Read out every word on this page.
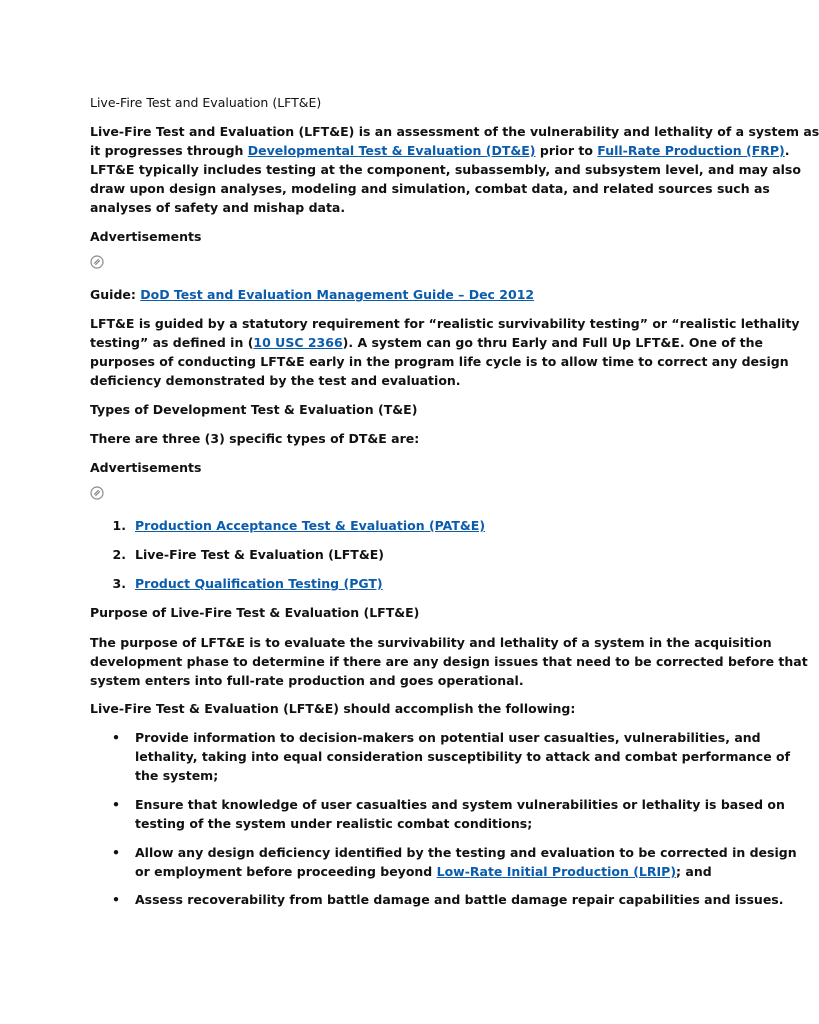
Live-Fire Test and Evaluation (LFT&E)
Live-Fire Test and Evaluation (LFT&E) is an assessment of the vulnerability and lethality of a system as
it progresses through Developmental Test & Evaluation (DT&E) prior to Full-Rate Production (FRP).
LFT&E typically includes testing at the component, subassembly, and subsystem level, and may also
draw upon design analyses, modeling and simulation, combat data, and related sources such as
analyses of safety and mishap data.
Advertisements
Guide: DoD Test and Evaluation Management Guide – Dec 2012
LFT&E is guided by a statutory requirement for “realistic survivability testing” or “realistic lethality
testing” as defined in (10 USC 2366). A system can go thru Early and Full Up LFT&E. One of the
purposes of conducting LFT&E early in the program life cycle is to allow time to correct any design
deficiency demonstrated by the test and evaluation.
Types of Development Test & Evaluation (T&E)
There are three (3) specific types of DT&E are:
Advertisements
1. Production Acceptance Test & Evaluation (PAT&E)
2. Live-Fire Test & Evaluation (LFT&E)
3. Product Qualification Testing (PGT)
Purpose of Live-Fire Test & Evaluation (LFT&E)
The purpose of LFT&E is to evaluate the survivability and lethality of a system in the acquisition
development phase to determine if there are any design issues that need to be corrected before that
system enters into full-rate production and goes operational.
Live-Fire Test & Evaluation (LFT&E) should accomplish the following:
• Provide information to decision-makers on potential user casualties, vulnerabilities, and
lethality, taking into equal consideration susceptibility to attack and combat performance of
the system;
• Ensure that knowledge of user casualties and system vulnerabilities or lethality is based on
testing of the system under realistic combat conditions;
• Allow any design deficiency identified by the testing and evaluation to be corrected in design
or employment before proceeding beyond Low-Rate Initial Production (LRIP); and
• Assess recoverability from battle damage and battle damage repair capabilities and issues.
